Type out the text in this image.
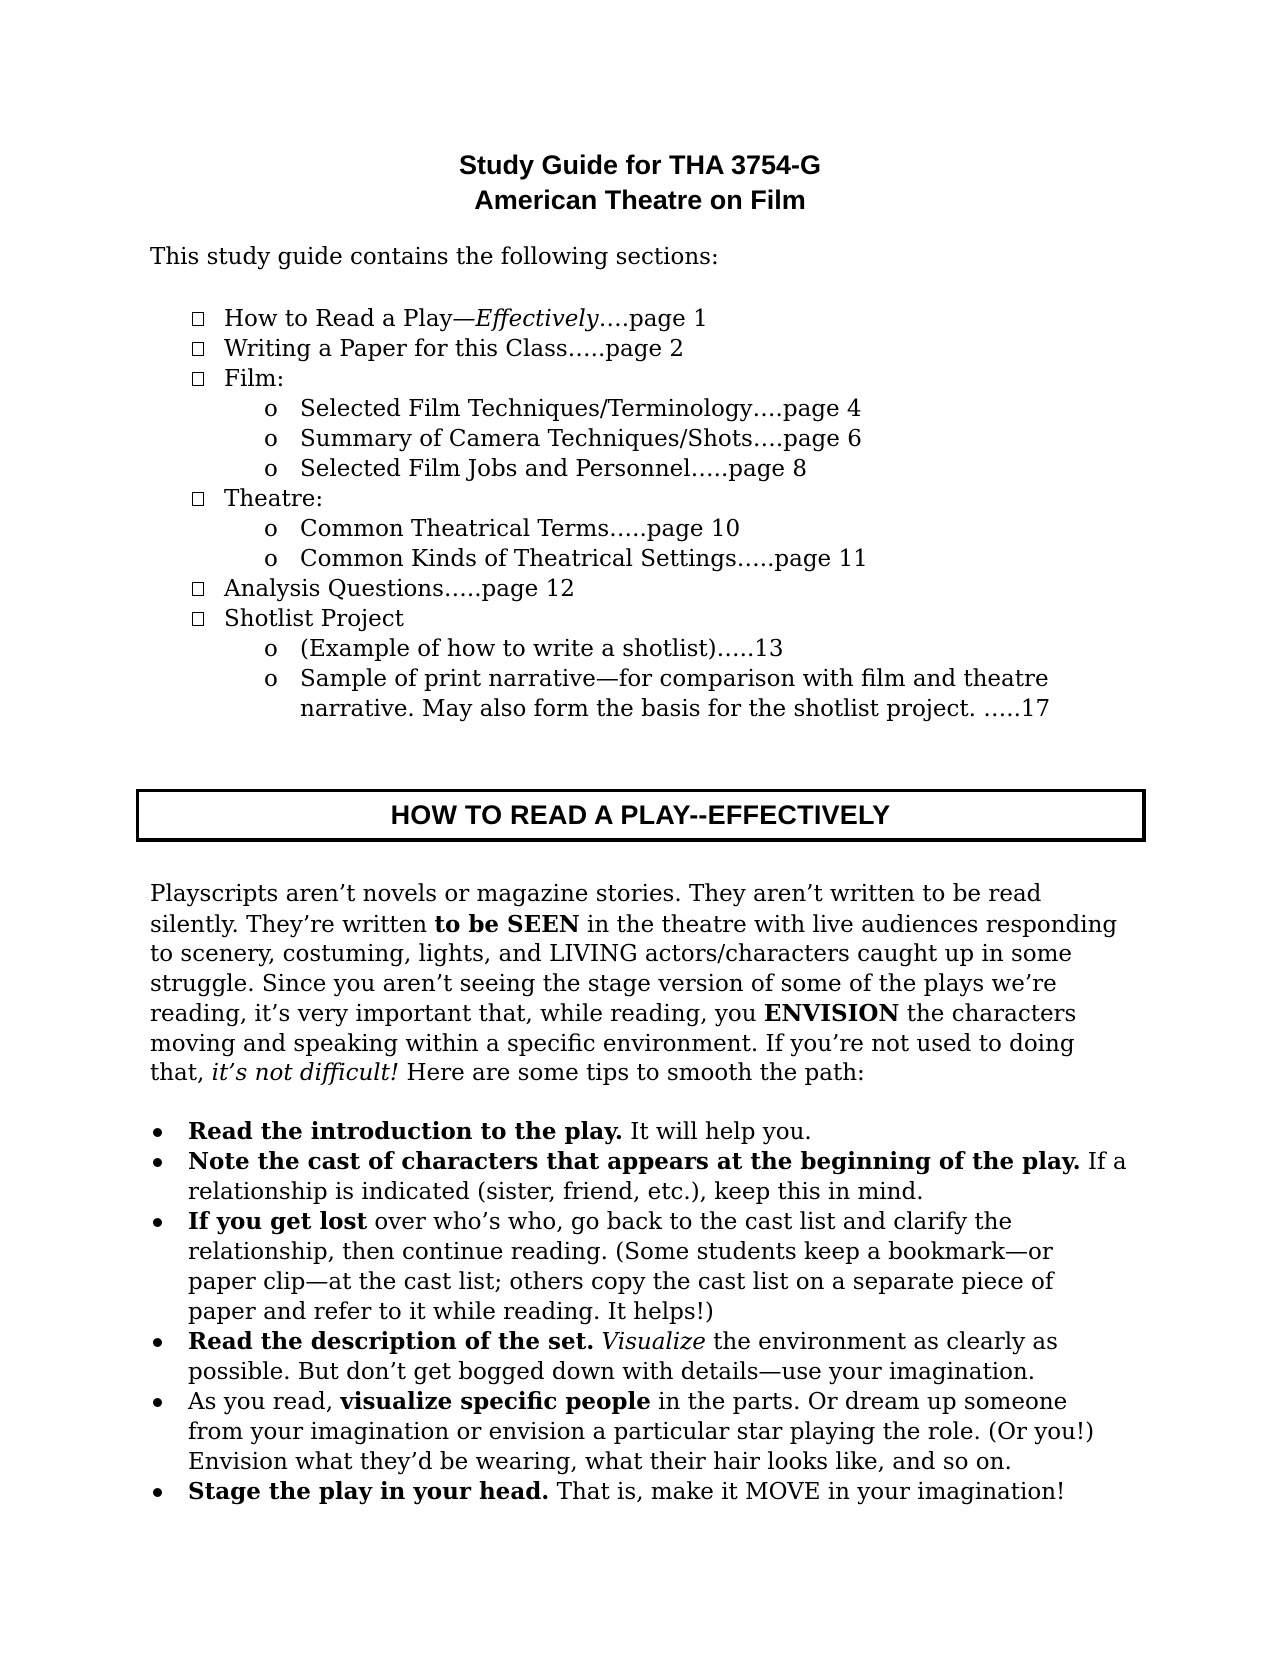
Study Guide for THA 3754-G
American Theatre on Film
This study guide contains the following sections:
How to Read a Play—Effectively….page 1
Writing a Paper for this Class…..page 2
Film:
o Selected Film Techniques/Terminology….page 4
o Summary of Camera Techniques/Shots….page 6
o Selected Film Jobs and Personnel…..page 8
Theatre:
o Common Theatrical Terms…..page 10
o Common Kinds of Theatrical Settings…..page 11
Analysis Questions…..page 12
Shotlist Project
o (Example of how to write a shotlist)…..13
o Sample of print narrative—for comparison with film and theatre
narrative. May also form the basis for the shotlist project. …..17
HOW TO READ A PLAY--EFFECTIVELY
Playscripts aren’t novels or magazine stories. They aren’t written to be read
silently. They’re written to be SEEN in the theatre with live audiences responding
to scenery, costuming, lights, and LIVING actors/characters caught up in some
struggle. Since you aren’t seeing the stage version of some of the plays we’re
reading, it’s very important that, while reading, you ENVISION the characters
moving and speaking within a specific environment. If you’re not used to doing
that, it’s not difficult! Here are some tips to smooth the path:
Read the introduction to the play. It will help you.
Note the cast of characters that appears at the beginning of the play. If a
relationship is indicated (sister, friend, etc.), keep this in mind.
If you get lost over who’s who, go back to the cast list and clarify the
relationship, then continue reading. (Some students keep a bookmark—or
paper clip—at the cast list; others copy the cast list on a separate piece of
paper and refer to it while reading. It helps!)
Read the description of the set. Visualize the environment as clearly as
possible. But don’t get bogged down with details—use your imagination.
As you read, visualize specific people in the parts. Or dream up someone
from your imagination or envision a particular star playing the role. (Or you!)
Envision what they’d be wearing, what their hair looks like, and so on.
Stage the play in your head. That is, make it MOVE in your imagination!
